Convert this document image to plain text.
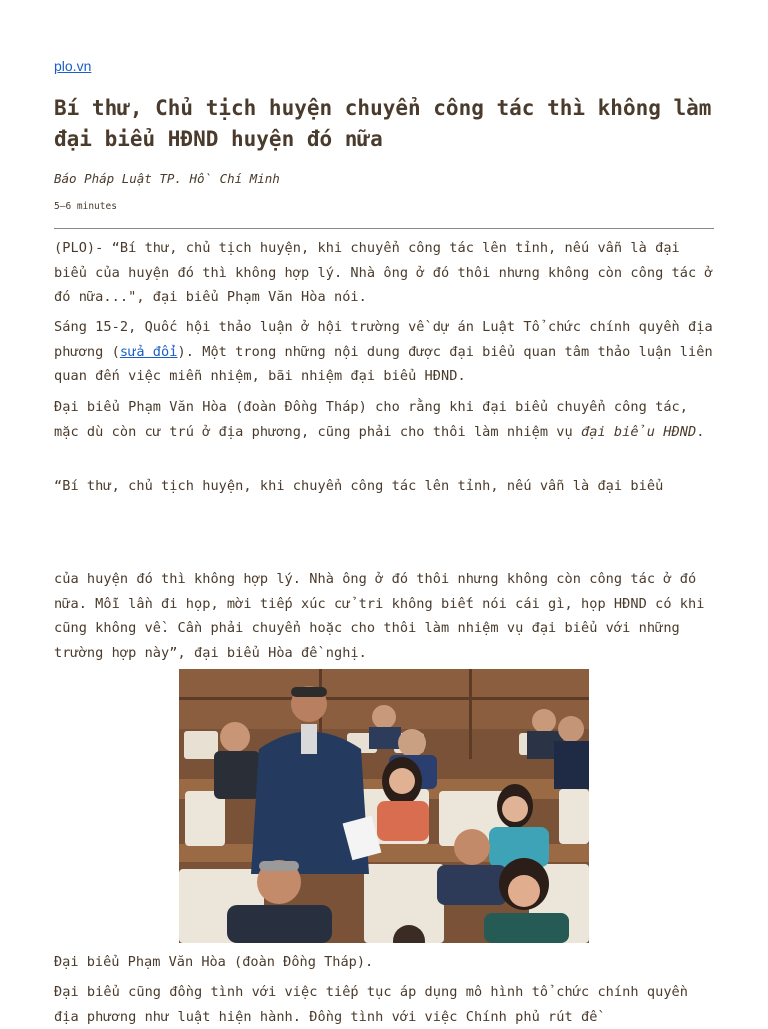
plo.vn
Bí thư, Chủ tịch huyện chuyển công tác thì không làm đại biểu HĐND huyện đó nữa
Báo Pháp Luật TP. Hồ Chí Minh
5–6 minutes

(PLO)- “Bí thư, chủ tịch huyện, khi chuyển công tác lên tỉnh, nếu vẫn là đại biểu của huyện đó thì không hợp lý. Nhà ông ở đó thôi nhưng không còn công tác ở đó nữa...", đại biểu Phạm Văn Hòa nói.

Sáng 15-2, Quốc hội thảo luận ở hội trường về dự án Luật Tổ chức chính quyền địa phương (sửa đổi). Một trong những nội dung được đại biểu quan tâm thảo luận liên quan đến việc miễn nhiệm, bãi nhiệm đại biểu HĐND.

Đại biểu Phạm Văn Hòa (đoàn Đồng Tháp) cho rằng khi đại biểu chuyển công tác, mặc dù còn cư trú ở địa phương, cũng phải cho thôi làm nhiệm vụ đại biểu HĐND.

“Bí thư, chủ tịch huyện, khi chuyển công tác lên tỉnh, nếu vẫn là đại biểu

của huyện đó thì không hợp lý. Nhà ông ở đó thôi nhưng không còn công tác ở đó nữa. Mỗi lần đi họp, mời tiếp xúc cử tri không biết nói cái gì, họp HĐND có khi cũng không về. Cần phải chuyển hoặc cho thôi làm nhiệm vụ đại biểu với những trường hợp này”, đại biểu Hòa đề nghị.

Đại biểu Phạm Văn Hòa (đoàn Đồng Tháp).

Đại biểu cũng đồng tình với việc tiếp tục áp dụng mô hình tổ chức chính quyền địa phương như luật hiện hành. Đồng tình với việc Chính phủ rút đề
